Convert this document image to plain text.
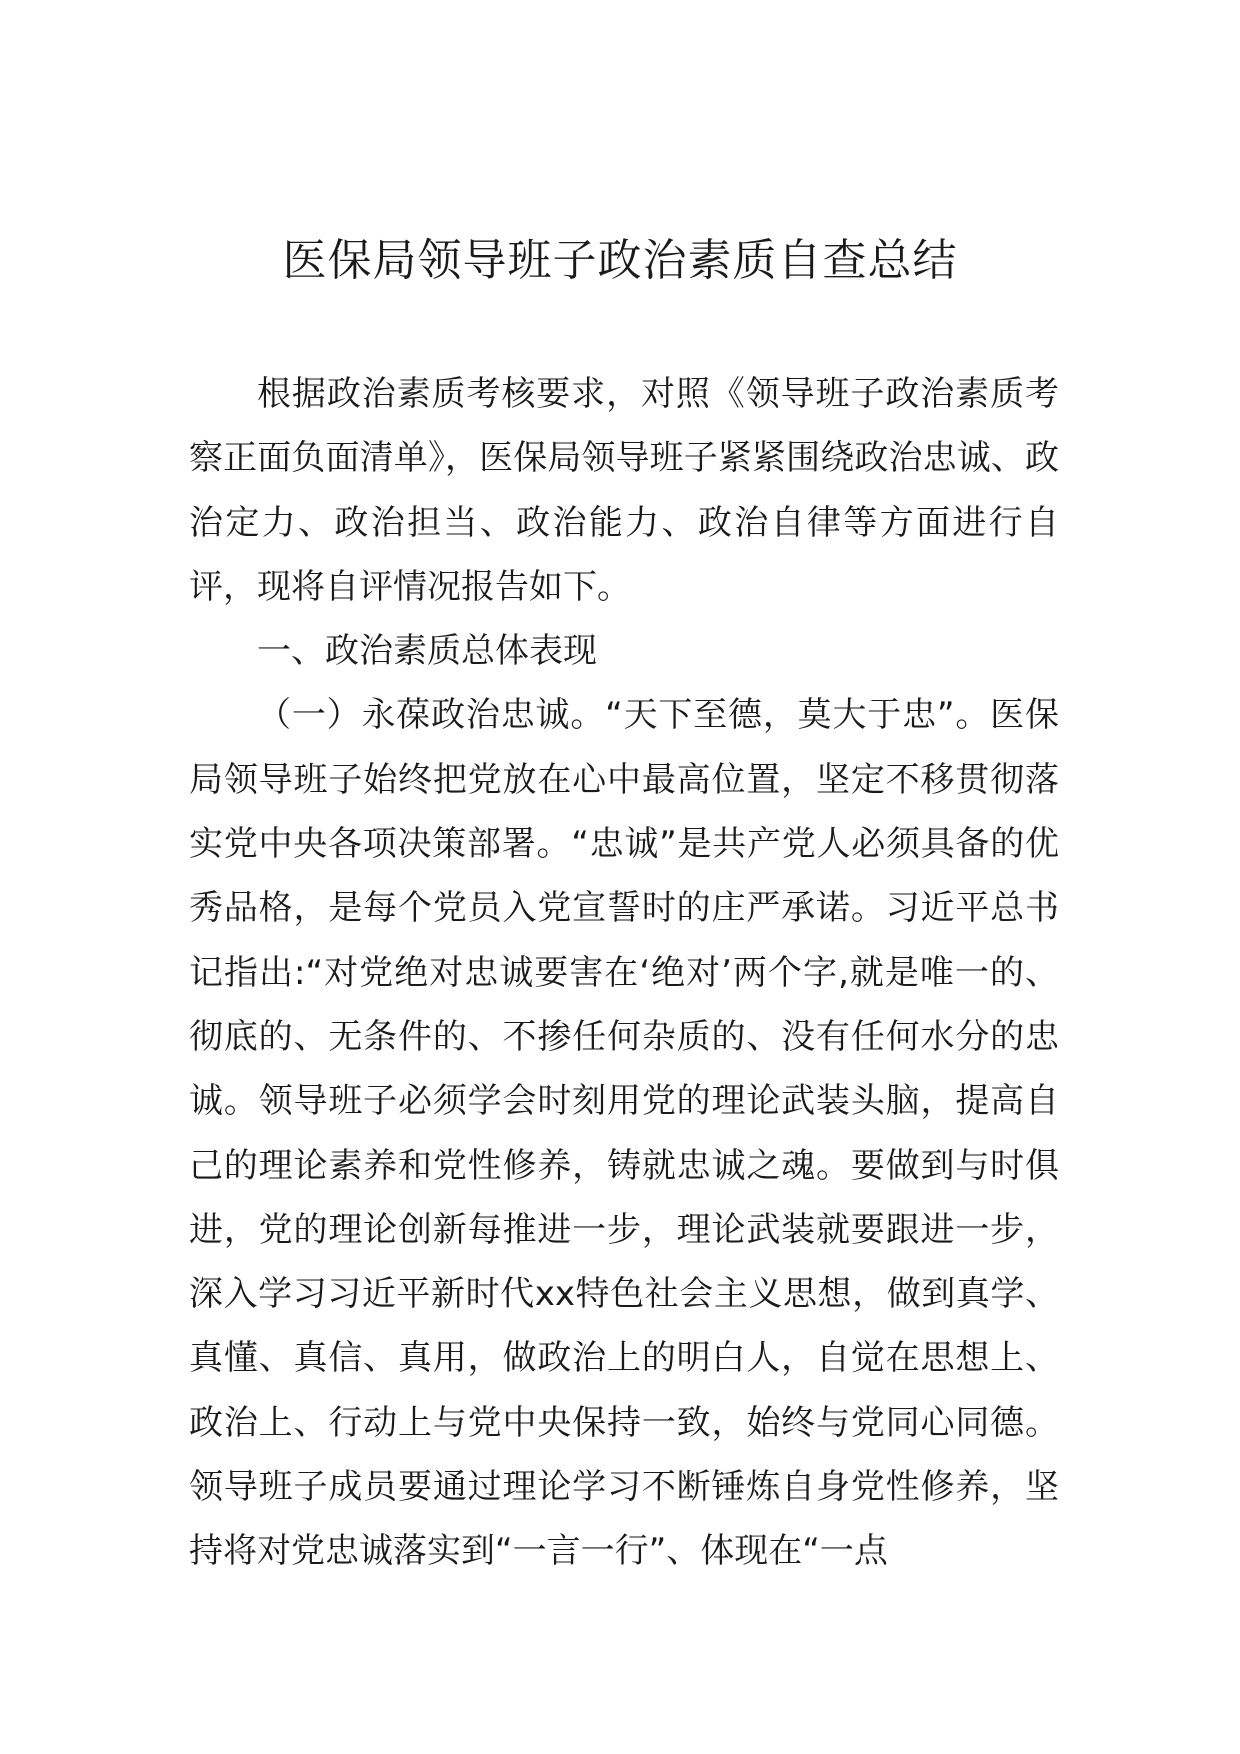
医保局领导班子政治素质自查总结

根据政治素质考核要求，对照《领导班子政治素质考察正面负面清单》，医保局领导班子紧紧围绕政治忠诚、政治定力、政治担当、政治能力、政治自律等方面进行自评，现将自评情况报告如下。

一、政治素质总体表现

（一）永葆政治忠诚。“天下至德，莫大于忠”。医保局领导班子始终把党放在心中最高位置，坚定不移贯彻落实党中央各项决策部署。“忠诚”是共产党人必须具备的优秀品格，是每个党员入党宣誓时的庄严承诺。习近平总书记指出:“对党绝对忠诚要害在‘绝对’两个字,就是唯一的、彻底的、无条件的、不掺任何杂质的、没有任何水分的忠诚。领导班子必须学会时刻用党的理论武装头脑，提高自己的理论素养和党性修养，铸就忠诚之魂。要做到与时俱进，党的理论创新每推进一步，理论武装就要跟进一步，深入学习习近平新时代xx特色社会主义思想，做到真学、真懂、真信、真用，做政治上的明白人，自觉在思想上、政治上、行动上与党中央保持一致，始终与党同心同德。领导班子成员要通过理论学习不断锤炼自身党性修养，坚持将对党忠诚落实到“一言一行”、体现在“一点
